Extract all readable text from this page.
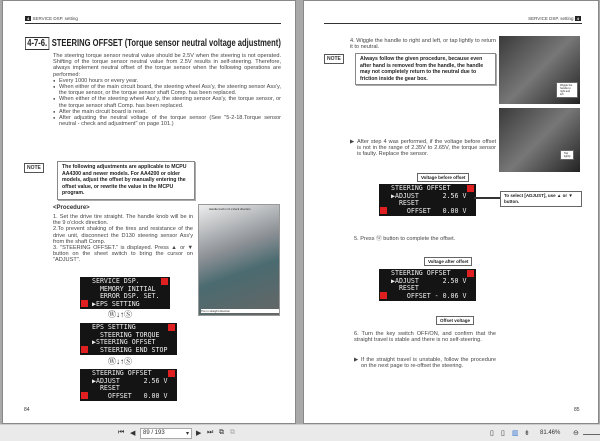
4 SERVICE DSP. setting
4-7-6. STEERING OFFSET (Torque sensor neutral voltage adjustment)

The steering torque sensor neutral value should be 2.5V when the steering is not operated. Shifting of the torque sensor neutral value from 2.5V results in self-steering. Therefore, always implement neutral offset of the torque sensor when the following operations are performed:

● Every 1000 hours or every year.
● When either of the main circuit board, the steering wheel Ass'y, the steering sensor Ass'y, the torque sensor, or the torque sensor shaft Comp. has been replaced.
● When either of the steering wheel Ass'y, the steering sensor Ass'y, the torque sensor, or the torque sensor shaft Comp. has been replaced.
● After the main circuit board is reset.
● After adjusting the neutral voltage of the torque sensor (See "5-2-18.Torque sensor neutral - check and adjustment" on page 101.)
NOTE	The following adjustments are applicable to MCPU AA4300 and newer models. For AA4200 or older models, adjust the offset by manually entering the offset value, or rewrite the value in the MCPU program.
<Procedure>

1. Set the drive tire straight. The handle knob will be in the 9 o'clock direction.

2.To prevent shaking of the tires and resistance of the drive unit, disconnect the D130 steering sensor Ass'y from the shaft Comp.

3. "STEERING OFFSET." is displayed. Press ▲ or ▼ button on the sheet switch to bring the cursor on "ADJUST".

Handle knob in 9 o'clock direction
Tire in straight direction
SERVICE DSP.
MEMORY INITIAL
ERROR DSP. SET.
▶EPS SETTING
Ⓦ↓↑Ⓢ
EPS SETTING
STEERING TORQUE
▶STEERING OFFSET
STEERING END STOP
Ⓦ↓↑Ⓢ
STEERING OFFSET
▶ADJUST      2.56 V
RESET
OFFSET   0.00 V
84
SERVICE DSP. setting 4
4. Wiggle the handle to right and left, or tap lightly to return it to neutral.
NOTE	Always follow the given procedure, because even after hand is removed from the handle, the handle may not completely return to the neutral due to friction inside the gear box.
Wiggle the handle to right and left
Tap lightly
▶ After step 4 was performed, if the voltage before offset is not in the range of 2.35V to 2.65V, the torque sensor is faulty. Replace the sensor.
Voltage before offset
STEERING OFFSET
▶ADJUST      2.56 V
RESET
OFFSET   0.00 V
To select [ADJUST], use ▲ or ▼ button.
5. Press Ⓦ button to complete the offset.
Voltage after offset
STEERING OFFSET
▶ADJUST      2.50 V
RESET
OFFSET - 0.06 V
Offset voltage
6. Turn the key switch OFF/ON, and confirm that the straight travel is stable and there is no self-steering.
▶ If the straight travel is unstable, follow the procedure on the next page to re-offset the steering.
85
⏮ ◀	89 / 193	▾ ▶ ⏭ ⧉ ⧉	▯ ▯ ▥ ⇟ 81.46% ⊖
